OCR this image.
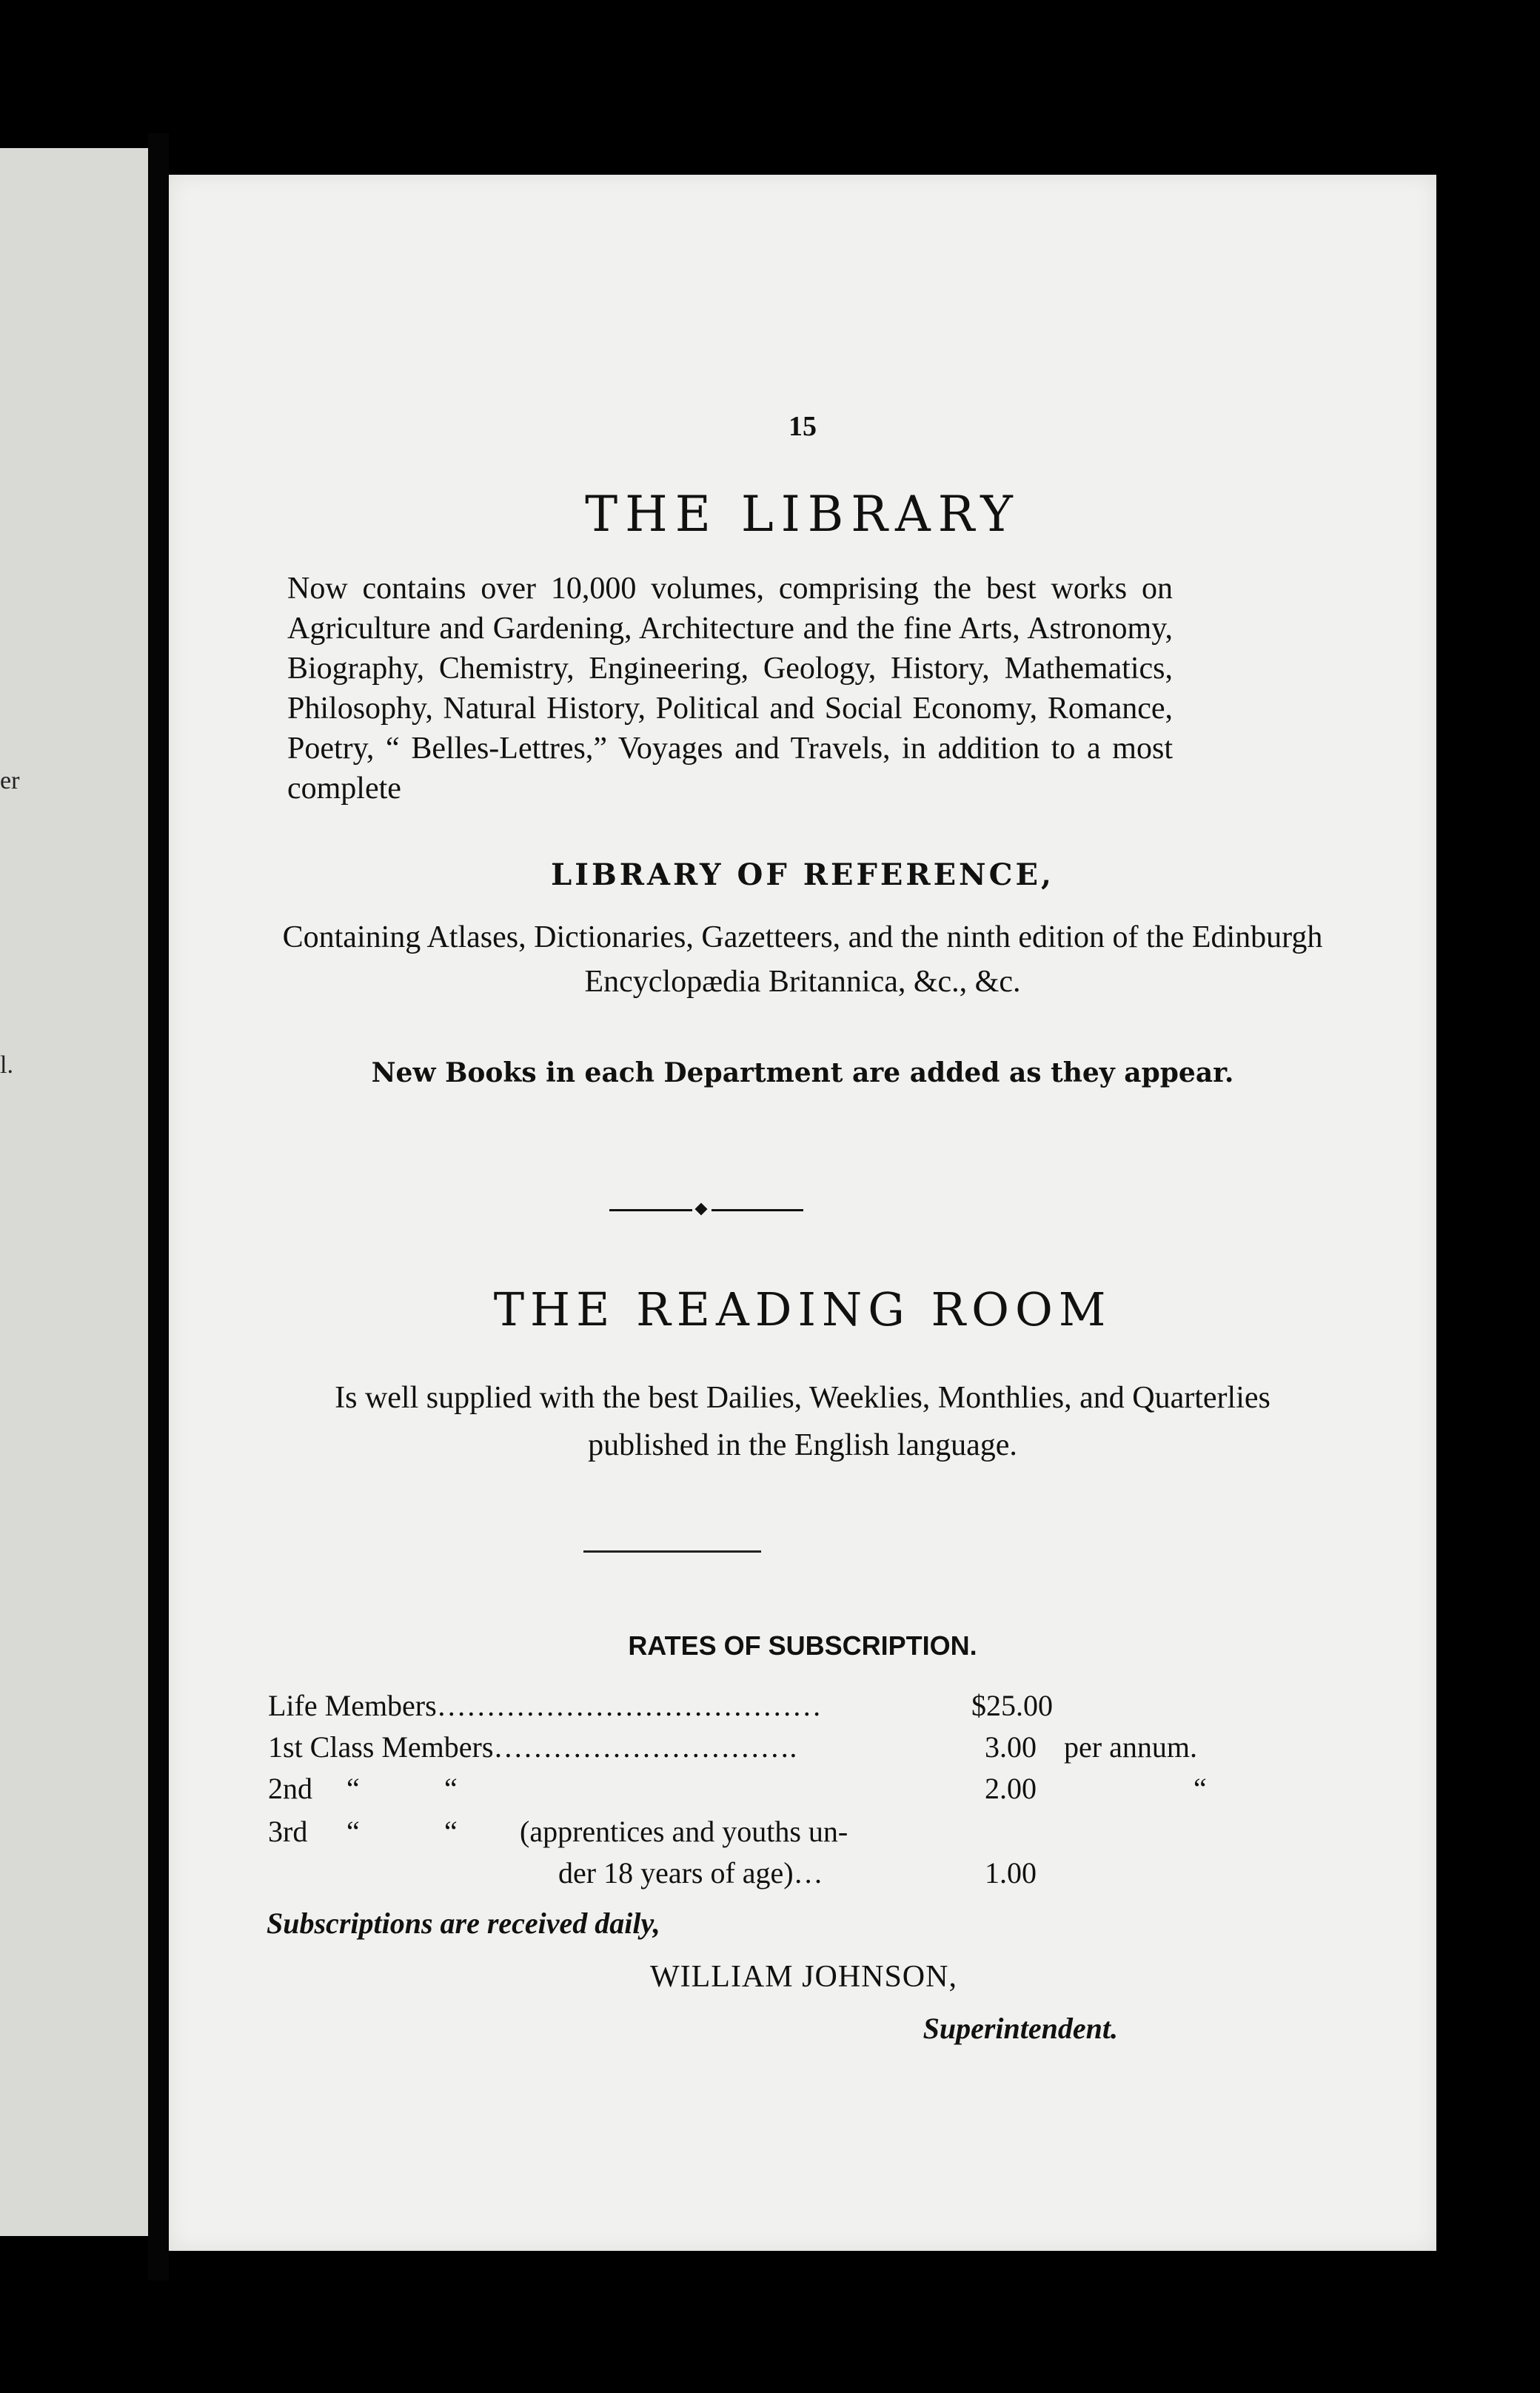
er
l.
15
THE LIBRARY
Now contains over 10,000 volumes, comprising the best works on Agriculture and Gardening, Architecture and the fine Arts, Astronomy, Biography, Chemistry, Engineering, Geology, History, Mathematics, Philosophy, Natural History, Political and Social Economy, Romance, Poetry, “ Belles-Lettres,” Voyages and Travels, in addition to a most complete
LIBRARY OF REFERENCE,
Containing Atlases, Dictionaries, Gazetteers, and the ninth edition of the Edinburgh Encyclopædia Britannica, &c., &c.
New Books in each Department are added as they appear.
THE READING ROOM
Is well supplied with the best Dailies, Weeklies, Monthlies, and Quarterlies published in the English language.
RATES OF SUBSCRIPTION.
Life Members…………………………………	$25.00
1st Class Members………………………….	3.00 per annum.
2nd “	“	2.00	“
3rd “	“ (apprentices and youths un-
der 18 years of age)…	1.00
Subscriptions are received daily,
WILLIAM JOHNSON,
Superintendent.
